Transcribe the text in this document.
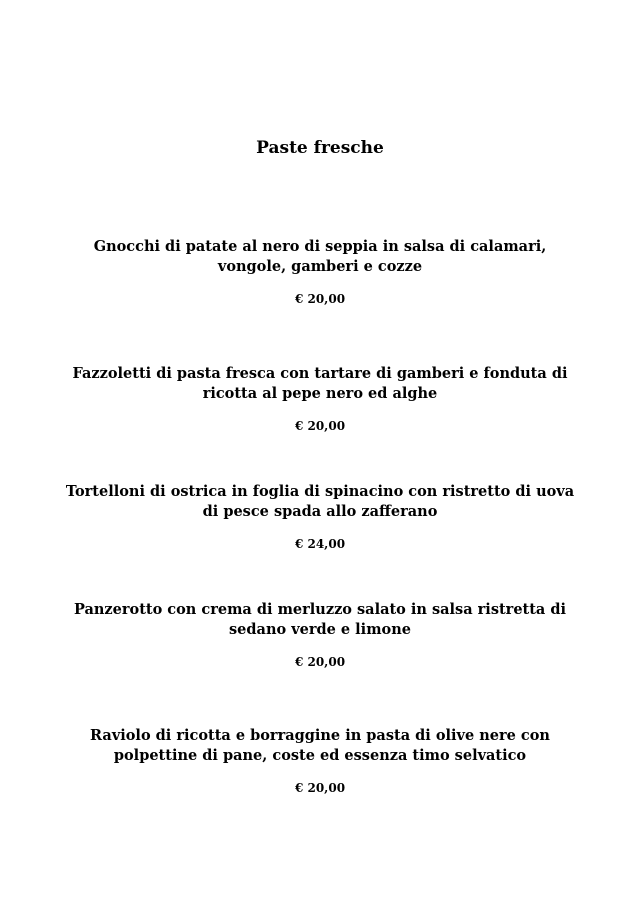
Paste fresche

Gnocchi di patate al nero di seppia in salsa di calamari, vongole, gamberi e cozze

€ 20,00

Fazzoletti di pasta fresca con tartare di gamberi e fonduta di ricotta al pepe nero ed alghe

€ 20,00

Tortelloni di ostrica in foglia di spinacino con ristretto di uova di pesce spada allo zafferano

€ 24,00

Panzerotto con crema di merluzzo salato in salsa ristretta di sedano verde e limone

€ 20,00

Raviolo di ricotta e borraggine in pasta di olive nere con polpettine di pane, coste ed essenza timo selvatico

€ 20,00
